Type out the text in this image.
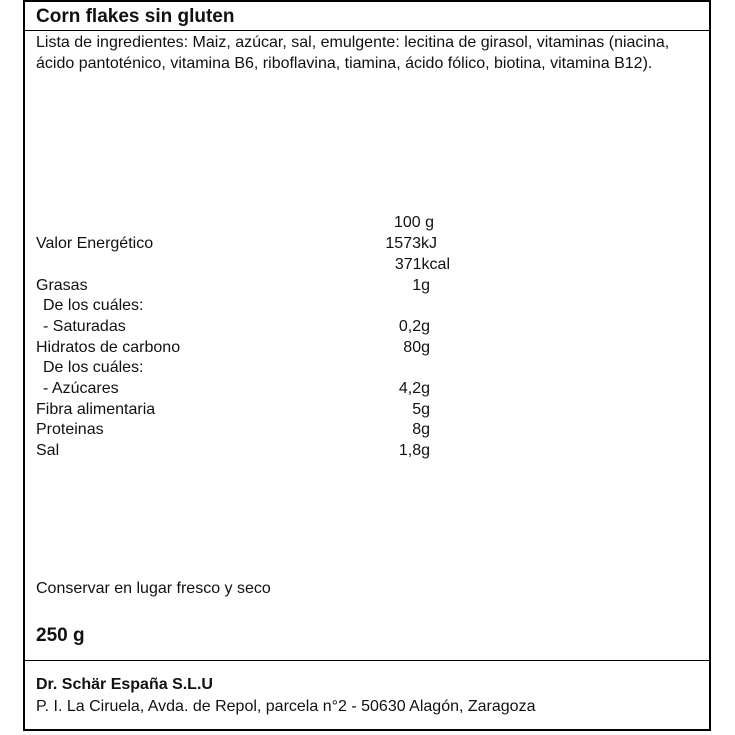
Corn flakes sin gluten
Lista de ingredientes: Maiz, azúcar, sal, emulgente: lecitina de girasol, vitaminas (niacina, ácido pantoténico, vitamina B6, riboflavina, tiamina, ácido fólico, biotina, vitamina B12).
100 g
Valor Energético	1573kJ
371kcal
Grasas	1g
De los cuáles:
- Saturadas	0,2g
Hidratos de carbono	80g
De los cuáles:
- Azúcares	4,2g
Fibra alimentaria	5g
Proteinas	8g
Sal	1,8g
Conservar en lugar fresco y seco
250 g
Dr. Schär España S.L.U
P. I. La Ciruela, Avda. de Repol, parcela n°2 - 50630 Alagón, Zaragoza
